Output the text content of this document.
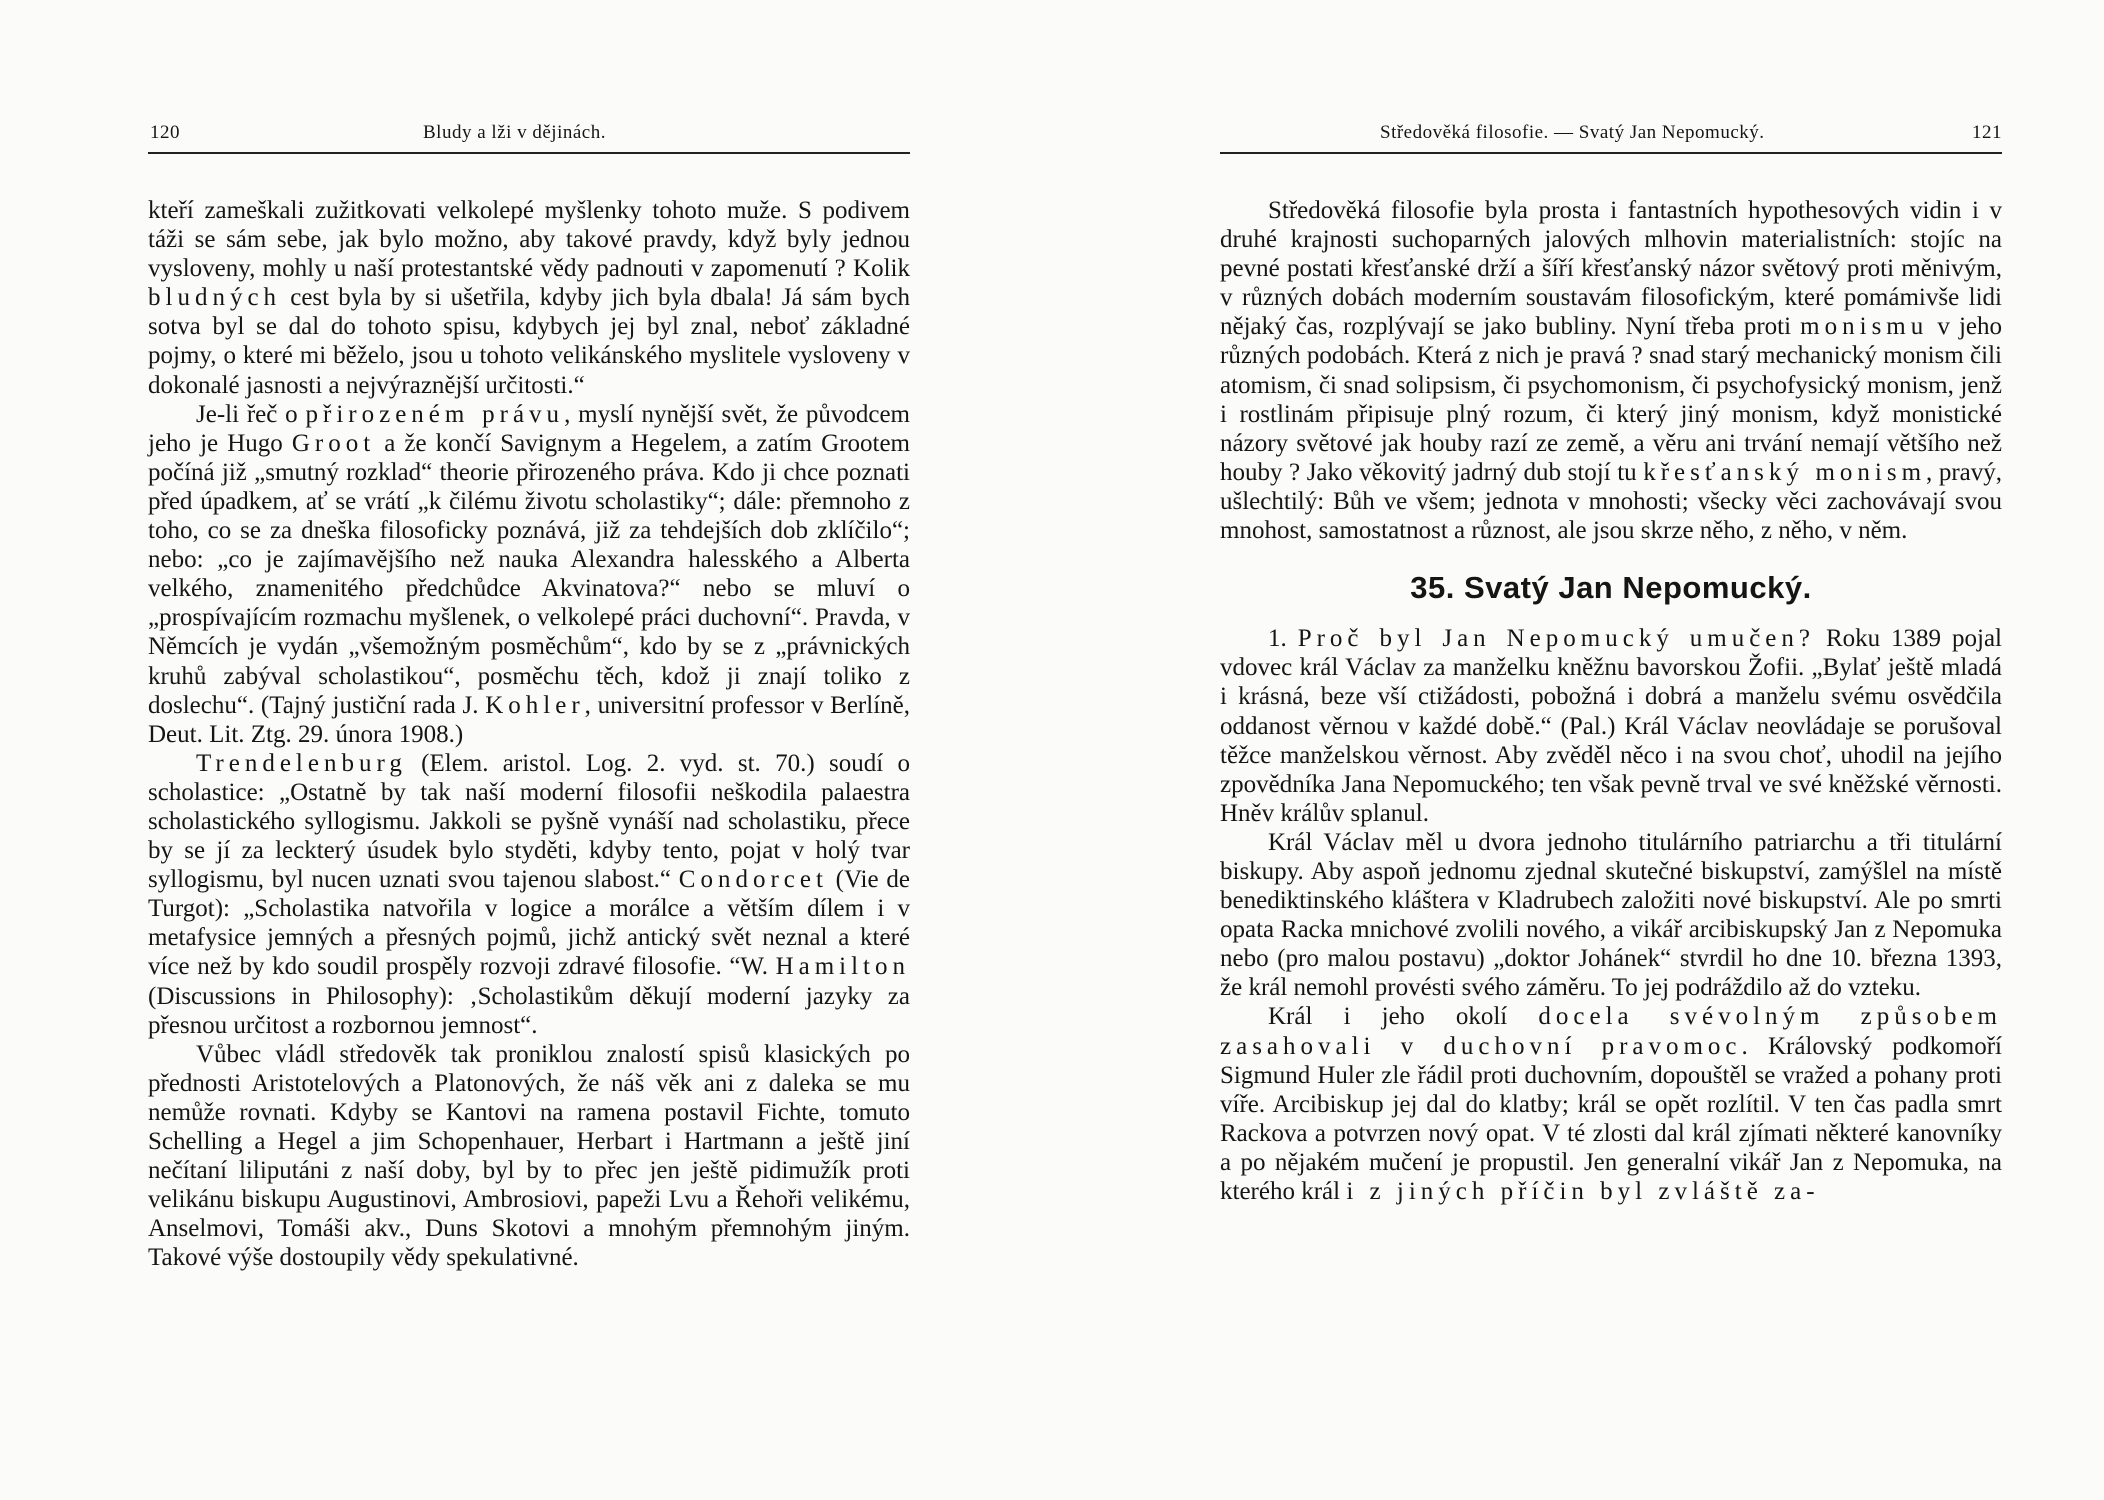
120	Bludy a lži v dějinách.

kteří zameškali zužitkovati velkolepé myšlenky tohoto muže. S podivem táži se sám sebe, jak bylo možno, aby takové pravdy, když byly jednou vysloveny, mohly u naší protestantské vědy padnouti v zapomenutí ? Kolik bludných cest byla by si ušetřila, kdyby jich byla dbala! Já sám bych sotva byl se dal do tohoto spisu, kdybych jej byl znal, neboť základné pojmy, o které mi běželo, jsou u tohoto velikánského myslitele vysloveny v dokonalé jasnosti a nejvýraznější určitosti.“

Je-li řeč o přirozeném právu, myslí nynější svět, že původcem jeho je Hugo Groot a že končí Savignym a Hegelem, a zatím Grootem počíná již „smutný rozklad“ theorie přirozeného práva. Kdo ji chce poznati před úpadkem, ať se vrátí „k čilému životu scholastiky“; dále: přemnoho z toho, co se za dneška filosoficky poznává, již za tehdejších dob zklíčilo“; nebo: „co je zajímavějšího než nauka Alexandra halesského a Alberta velkého, znamenitého předchůdce Akvinatova?“ nebo se mluví o „prospívajícím rozmachu myšlenek, o velkolepé práci duchovní“. Pravda, v Němcích je vydán „všemožným posměchům“, kdo by se z „právnických kruhů zabýval scholastikou“, posměchu těch, kdož ji znají toliko z doslechu“. (Tajný justiční rada J. Kohler, universitní professor v Berlíně, Deut. Lit. Ztg. 29. února 1908.)

Trendelenburg (Elem. aristol. Log. 2. vyd. st. 70.) soudí o scholastice: „Ostatně by tak naší moderní filosofii neškodila palaestra scholastického syllogismu. Jakkoli se pyšně vynáší nad scholastiku, přece by se jí za leckterý úsudek bylo styděti, kdyby tento, pojat v holý tvar syllogismu, byl nucen uznati svou tajenou slabost.“ Condorcet (Vie de Turgot): „Scholastika natvořila v logice a morálce a větším dílem i v metafysice jemných a přesných pojmů, jichž antický svět neznal a které více než by kdo soudil prospěly rozvoji zdravé filosofie. “W. Hamilton (Discussions in Philosophy): ‚Scholastikům děkují moderní jazyky za přesnou určitost a rozbornou jemnost“.

Vůbec vládl středověk tak proniklou znalostí spisů klasických po přednosti Aristotelových a Platonových, že náš věk ani z daleka se mu nemůže rovnati. Kdyby se Kantovi na ramena postavil Fichte, tomuto Schelling a Hegel a jim Schopenhauer, Herbart i Hartmann a ještě jiní nečítaní liliputáni z naší doby, byl by to přec jen ještě pidimužík proti velikánu biskupu Augustinovi, Ambrosiovi, papeži Lvu a Řehoři velikému, Anselmovi, Tomáši akv., Duns Skotovi a mnohým přemnohým jiným. Takové výše dostoupily vědy spekulativné.

Středověká filosofie. — Svatý Jan Nepomucký.	121

Středověká filosofie byla prosta i fantastních hypothesových vidin i v druhé krajnosti suchoparných jalových mlhovin materialistních: stojíc na pevné postati křesťanské drží a šíří křesťanský názor světový proti měnivým, v různých dobách moderním soustavám filosofickým, které pomámivše lidi nějaký čas, rozplývají se jako bubliny. Nyní třeba proti monismu v jeho různých podobách. Která z nich je pravá ? snad starý mechanický monism čili atomism, či snad solipsism, či psychomonism, či psychofysický monism, jenž i rostlinám připisuje plný rozum, či který jiný monism, když monistické názory světové jak houby razí ze země, a věru ani trvání nemají většího než houby ? Jako věkovitý jadrný dub stojí tu křesťanský monism, pravý, ušlechtilý: Bůh ve všem; jednota v mnohosti; všecky věci zachovávají svou mnohost, samostatnost a různost, ale jsou skrze něho, z něho, v něm.

35. Svatý Jan Nepomucký.

1. Proč byl Jan Nepomucký umučen? Roku 1389 pojal vdovec král Václav za manželku kněžnu bavorskou Žofii. „Bylať ještě mladá i krásná, beze vší ctižádosti, pobožná i dobrá a manželu svému osvědčila oddanost věrnou v každé době.“ (Pal.) Král Václav neovládaje se porušoval těžce manželskou věrnost. Aby zvěděl něco i na svou choť, uhodil na jejího zpovědníka Jana Nepomuckého; ten však pevně trval ve své kněžské věrnosti. Hněv králův splanul.

Král Václav měl u dvora jednoho titulárního patriarchu a tři titulární biskupy. Aby aspoň jednomu zjednal skutečné biskupství, zamýšlel na místě benediktinského kláštera v Kladrubech založiti nové biskupství. Ale po smrti opata Racka mnichové zvolili nového, a vikář arcibiskupský Jan z Nepomuka nebo (pro malou postavu) „doktor Johánek“ stvrdil ho dne 10. března 1393, že král nemohl provésti svého záměru. To jej podráždilo až do vzteku.

Král i jeho okolí docela svévolným způsobem zasahovali v duchovní pravomoc. Královský podkomoří Sigmund Huler zle řádil proti duchovním, dopouštěl se vražed a pohany proti víře. Arcibiskup jej dal do klatby; král se opět rozlítil. V ten čas padla smrt Rackova a potvrzen nový opat. V té zlosti dal král zjímati některé kanovníky a po nějakém mučení je propustil. Jen generalní vikář Jan z Nepomuka, na kterého král i z jiných příčin byl zvláště za-
